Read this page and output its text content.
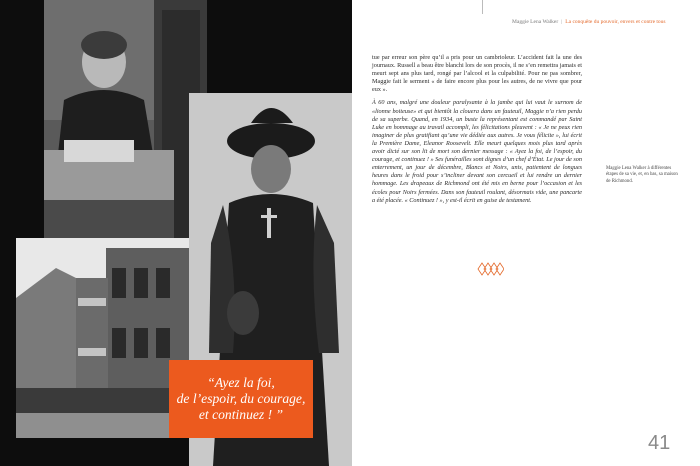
“Ayez la foi,
de l’espoir, du courage,
et continuez ! ”

Maggie Lena Walker | La conquête du pouvoir, envers et contre tous

tue par erreur son père qu’il a pris pour un cambrioleur. L’accident fait la une des journaux. Russell a beau être blanchi lors de son procès, il ne s’en remettra jamais et meurt sept ans plus tard, rongé par l’alcool et la culpabilité. Pour ne pas sombrer, Maggie fait le serment « de faire encore plus pour les autres, de ne vivre que pour eux ».

À 60 ans, malgré une douleur paralysante à la jambe qui lui vaut le surnom de «lionne boiteuse» et qui bientôt la clouera dans un fauteuil, Maggie n’a rien perdu de sa superbe. Quand, en 1934, un buste la représentant est commandé par Saint Luke en hommage au travail accompli, les félicitations pleuvent : « Je ne peux rien imaginer de plus gratifiant qu’une vie dédiée aux autres. Je vous félicite », lui écrit la Première Dame, Eleanor Roosevelt. Elle meurt quelques mois plus tard après avoir dicté sur son lit de mort son dernier message : « Ayez la foi, de l’espoir, du courage, et continuez ! » Ses funérailles sont dignes d’un chef d’État. Le jour de son enterrement, un jour de décembre, Blancs et Noirs, unis, patientent de longues heures dans le froid pour s’incliner devant son cercueil et lui rendre un dernier hommage. Les drapeaux de Richmond ont été mis en berne pour l’occasion et les écoles pour Noirs fermées. Dans son fauteuil roulant, désormais vide, une pancarte a été placée. « Continuez ! », y est-il écrit en guise de testament.

Maggie Lena Walker à différentes étapes de sa vie, et, en bas, sa maison de Richmond.
41
